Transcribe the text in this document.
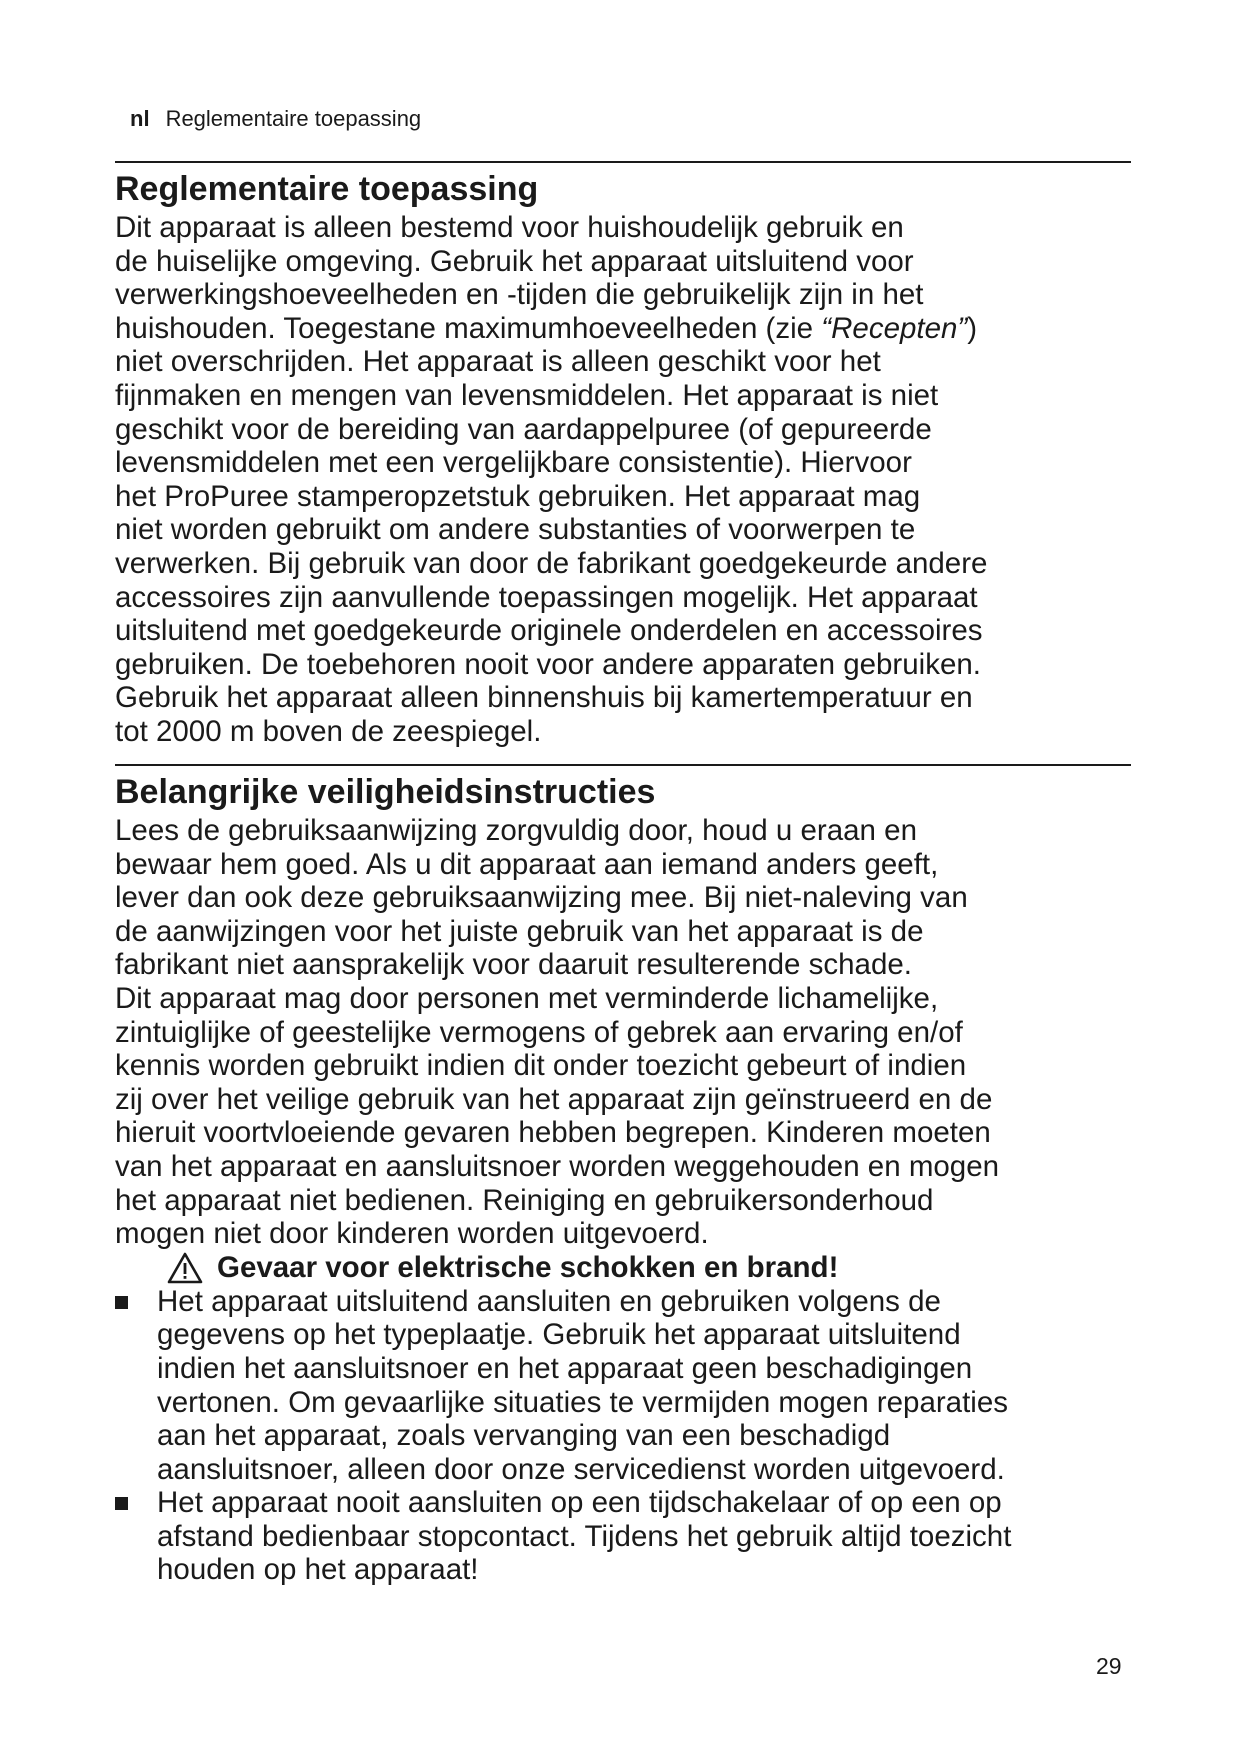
nl Reglementaire toepassing
Reglementaire toepassing

Dit apparaat is alleen bestemd voor huishoudelijk gebruik en
de huiselijke omgeving. Gebruik het apparaat uitsluitend voor
verwerkingshoeveelheden en -tijden die gebruikelijk zijn in het
huishouden. Toegestane maximumhoeveelheden (zie “Recepten”)
niet overschrijden. Het apparaat is alleen geschikt voor het
fijnmaken en mengen van levensmiddelen. Het apparaat is niet
geschikt voor de bereiding van aardappelpuree (of gepureerde
levensmiddelen met een vergelijkbare consistentie). Hiervoor
het ProPuree stamperopzetstuk gebruiken. Het apparaat mag
niet worden gebruikt om andere substanties of voorwerpen te
verwerken. Bij gebruik van door de fabrikant goedgekeurde andere
accessoires zijn aanvullende toepassingen mogelijk. Het apparaat
uitsluitend met goedgekeurde originele onderdelen en accessoires
gebruiken. De toebehoren nooit voor andere apparaten gebruiken.
Gebruik het apparaat alleen binnenshuis bij kamertemperatuur en
tot 2000 m boven de zeespiegel.

Belangrijke veiligheidsinstructies

Lees de gebruiksaanwijzing zorgvuldig door, houd u eraan en
bewaar hem goed. Als u dit apparaat aan iemand anders geeft,
lever dan ook deze gebruiksaanwijzing mee. Bij niet-naleving van
de aanwijzingen voor het juiste gebruik van het apparaat is de
fabrikant niet aansprakelijk voor daaruit resulterende schade.

Dit apparaat mag door personen met verminderde lichamelijke,
zintuiglijke of geestelijke vermogens of gebrek aan ervaring en/of
kennis worden gebruikt indien dit onder toezicht gebeurt of indien
zij over het veilige gebruik van het apparaat zijn geïnstrueerd en de
hieruit voortvloeiende gevaren hebben begrepen. Kinderen moeten
van het apparaat en aansluitsnoer worden weggehouden en mogen
het apparaat niet bedienen. Reiniging en gebruikersonderhoud
mogen niet door kinderen worden uitgevoerd.

Gevaar voor elektrische schokken en brand!

Het apparaat uitsluitend aansluiten en gebruiken volgens de
gegevens op het typeplaatje. Gebruik het apparaat uitsluitend
indien het aansluitsnoer en het apparaat geen beschadigingen
vertonen. Om gevaarlijke situaties te vermijden mogen reparaties
aan het apparaat, zoals vervanging van een beschadigd
aansluitsnoer, alleen door onze servicedienst worden uitgevoerd.

Het apparaat nooit aansluiten op een tijdschakelaar of op een op
afstand bedienbaar stopcontact. Tijdens het gebruik altijd toezicht
houden op het apparaat!

29
